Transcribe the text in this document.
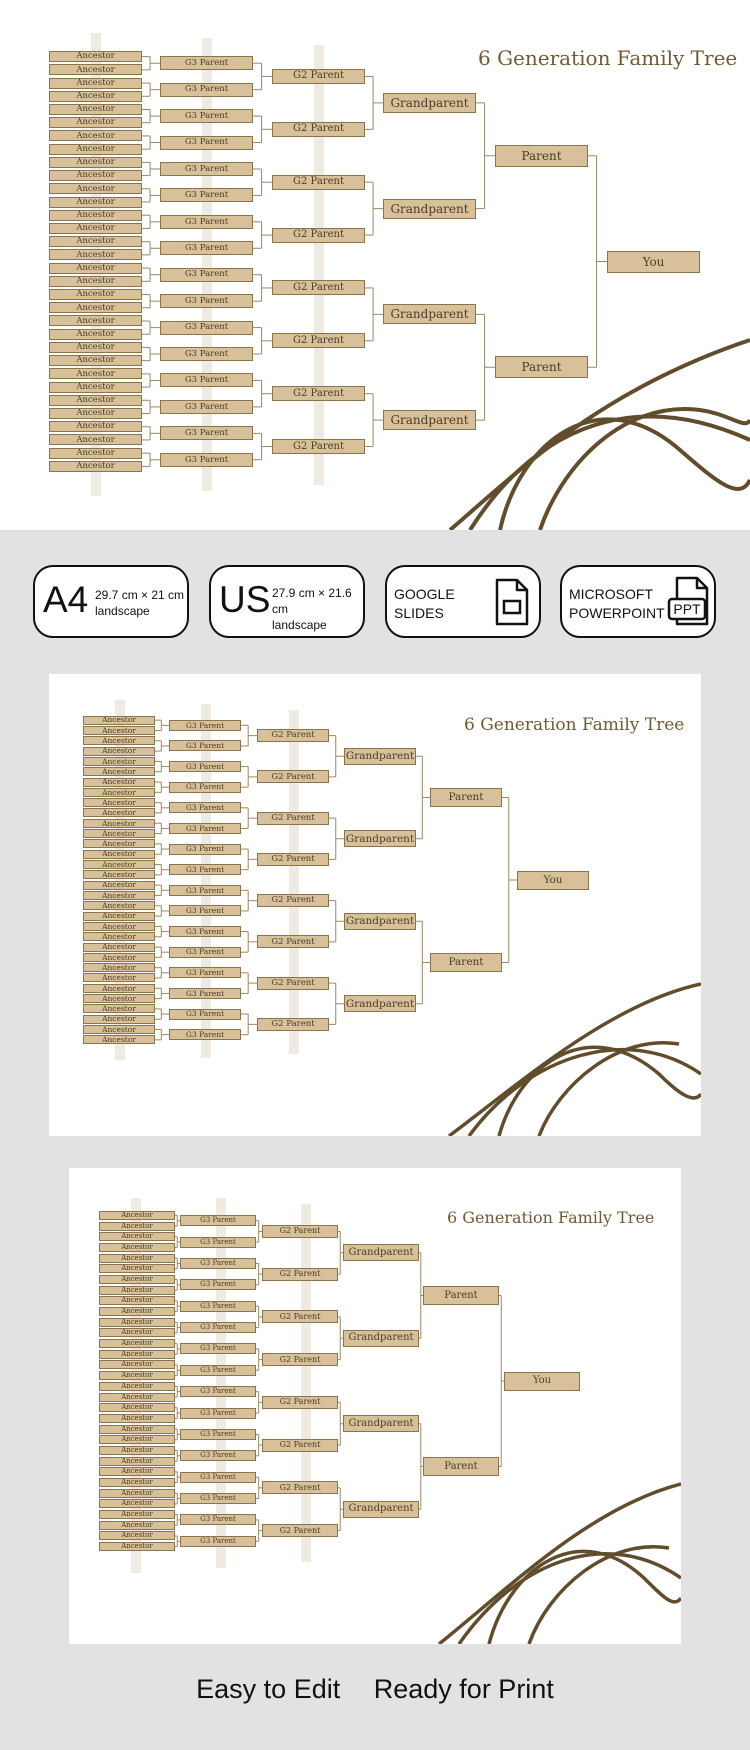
Ancestor
Ancestor
Ancestor
Ancestor
Ancestor
Ancestor
Ancestor
Ancestor
Ancestor
Ancestor
Ancestor
Ancestor
Ancestor
Ancestor
Ancestor
Ancestor
Ancestor
Ancestor
Ancestor
Ancestor
Ancestor
Ancestor
Ancestor
Ancestor
Ancestor
Ancestor
Ancestor
Ancestor
Ancestor
Ancestor
Ancestor
Ancestor
G3 Parent
G3 Parent
G3 Parent
G3 Parent
G3 Parent
G3 Parent
G3 Parent
G3 Parent
G3 Parent
G3 Parent
G3 Parent
G3 Parent
G3 Parent
G3 Parent
G3 Parent
G3 Parent
G2 Parent
G2 Parent
G2 Parent
G2 Parent
G2 Parent
G2 Parent
G2 Parent
G2 Parent
Grandparent
Grandparent
Grandparent
Grandparent
Parent
Parent
You
6 Generation Family Tree
A4 29.7 cm × 21 cm
landscape	US 27.9 cm × 21.6 cm
landscape
GOOGLE
SLIDES
MICROSOFT
POWERPOINT PPT
Ancestor
Ancestor
Ancestor
Ancestor
Ancestor
Ancestor
Ancestor
Ancestor
Ancestor
Ancestor
Ancestor
Ancestor
Ancestor
Ancestor
Ancestor
Ancestor
Ancestor
Ancestor
Ancestor
Ancestor
Ancestor
Ancestor
Ancestor
Ancestor
Ancestor
Ancestor
Ancestor
Ancestor
Ancestor
Ancestor
Ancestor
Ancestor
G3 Parent
G3 Parent
G3 Parent
G3 Parent
G3 Parent
G3 Parent
G3 Parent
G3 Parent
G3 Parent
G3 Parent
G3 Parent
G3 Parent
G3 Parent
G3 Parent
G3 Parent
G3 Parent
G2 Parent
G2 Parent
G2 Parent
G2 Parent
G2 Parent
G2 Parent
G2 Parent
G2 Parent
Grandparent
Grandparent
Grandparent
Grandparent
Parent
Parent
You
6 Generation Family Tree
Ancestor
Ancestor
Ancestor
Ancestor
Ancestor
Ancestor
Ancestor
Ancestor
Ancestor
Ancestor
Ancestor
Ancestor
Ancestor
Ancestor
Ancestor
Ancestor
Ancestor
Ancestor
Ancestor
Ancestor
Ancestor
Ancestor
Ancestor
Ancestor
Ancestor
Ancestor
Ancestor
Ancestor
Ancestor
Ancestor
Ancestor
Ancestor
G3 Parent
G3 Parent
G3 Parent
G3 Parent
G3 Parent
G3 Parent
G3 Parent
G3 Parent
G3 Parent
G3 Parent
G3 Parent
G3 Parent
G3 Parent
G3 Parent
G3 Parent
G3 Parent
G2 Parent
G2 Parent
G2 Parent
G2 Parent
G2 Parent
G2 Parent
G2 Parent
G2 Parent
Grandparent
Grandparent
Grandparent
Grandparent
Parent
Parent
You
6 Generation Family Tree
Easy to Edit Ready for Print
